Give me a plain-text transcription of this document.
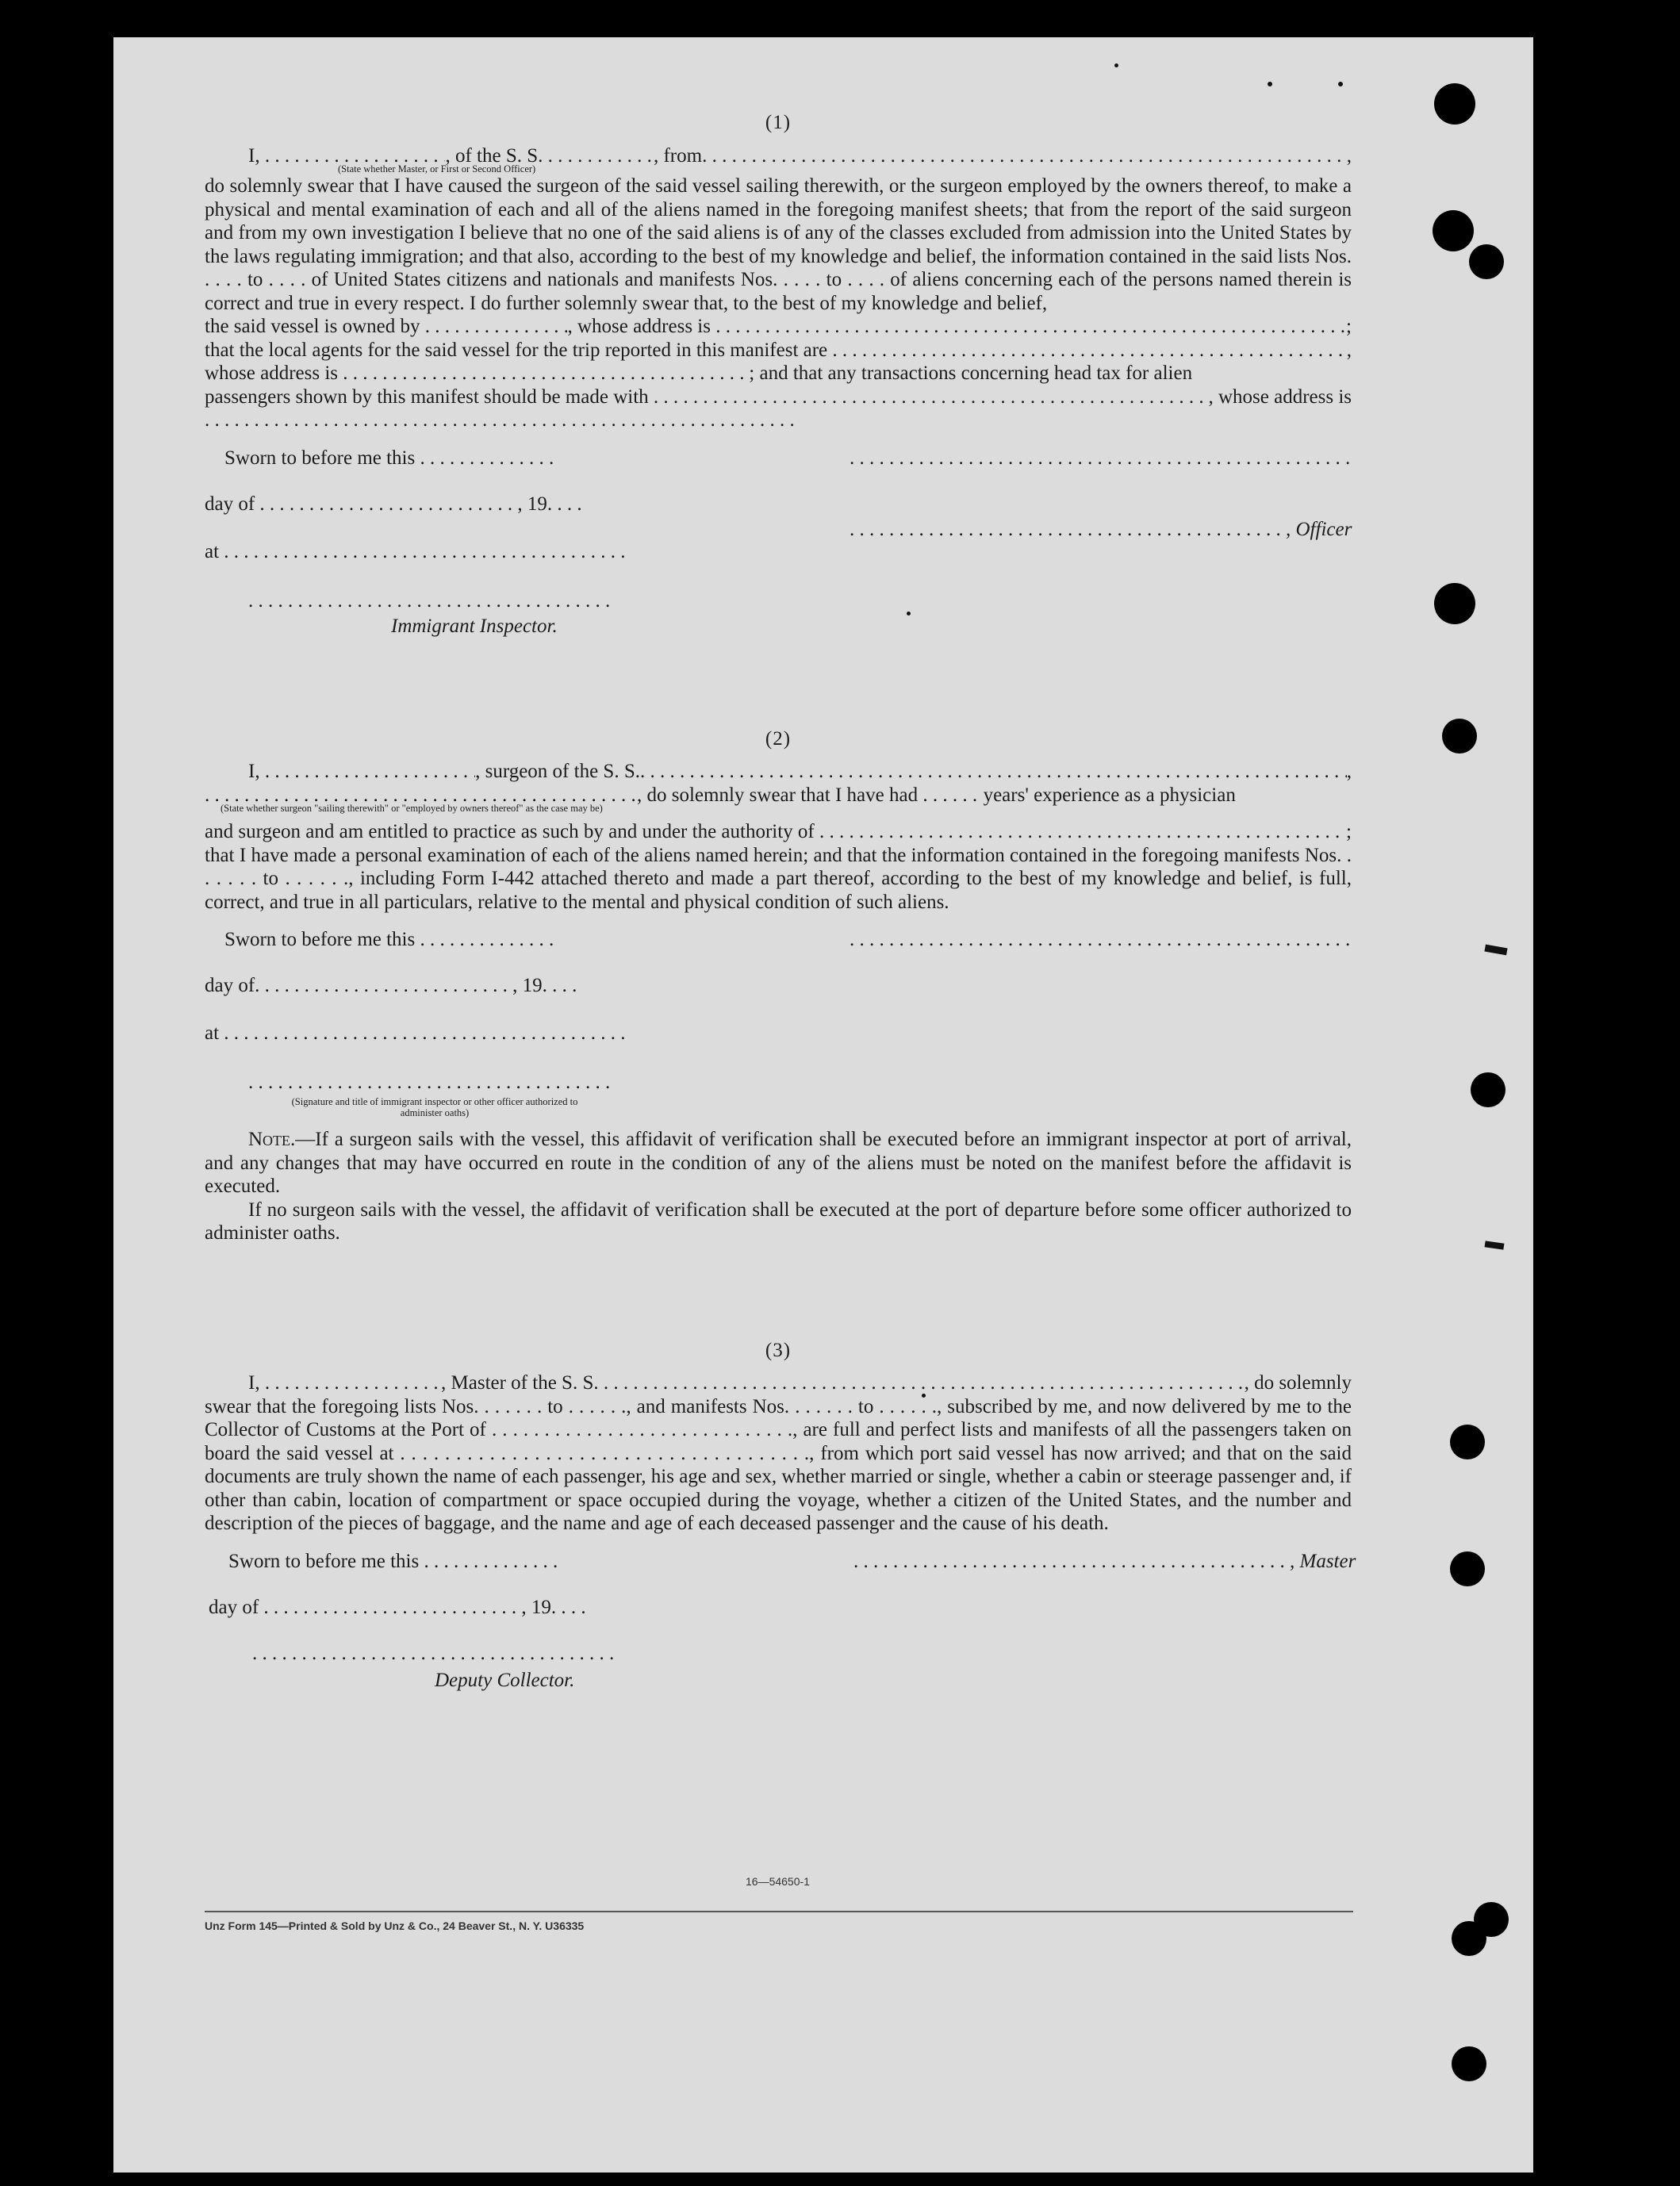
(1)
I,
. . .	, of the S. S.
. . .	, from . . .	,
(State whether Master, or First or Second Officer)

do solemnly swear that I have caused the surgeon of the said vessel sailing therewith, or the surgeon employed by the owners thereof, to make a physical and mental examination of each and all of the aliens named in the foregoing manifest sheets; that from the report of the said surgeon and from my own investigation I believe that no one of the said aliens is of any of the classes excluded from admission into the United States by the laws regulating immigration; and that also, according to the best of my knowledge and belief, the information contained in the said lists Nos. . . . . to . . . . of United States citizens and nationals and manifests Nos. . . . . to . . . . of aliens concerning each of the persons named therein is correct and true in every respect. I do further solemnly swear that, to the best of my knowledge and belief,

the said vessel is owned by
. . .	, whose address is
. . .	;
that the local agents for the said vessel for the trip reported in this manifest are
. . .	,
whose address is
. . .	; and that any transactions concerning head tax for alien
passengers shown by this manifest should be made with
. . .	, whose address is
. . .
Sworn to before me this

. . .
. . .
day of
. . .	, 19
. . .
. . .
, Officer
at

. . .
. . .
Immigrant Inspector.
(2)
I,
. . .	, surgeon of the S. S. . . .	,
. . .
, do solemnly swear that I have had
. . .
	years' experience as a physician
(State whether surgeon "sailing therewith" or "employed by owners thereof" as the case may be)
and surgeon and am entitled to practice as such by and under the authority of
. . .	;

that I have made a personal examination of each of the aliens named herein; and that the information contained in the foregoing manifests Nos. . . . . . . to . . . . . ., including Form I-442 attached thereto and made a part thereof, according to the best of my knowledge and belief, is full, correct, and true in all particulars, relative to the mental and physical condition of such aliens.

Sworn to before me this

. . .
. . .
day of . . .	, 19
. . .
at

. . .
. . .
(Signature and title of immigrant inspector or other officer authorized to administer oaths)

Note.—If a surgeon sails with the vessel, this affidavit of verification shall be executed before an immigrant inspector at port of arrival, and any changes that may have occurred en route in the condition of any of the aliens must be noted on the manifest before the affidavit is executed.

If no surgeon sails with the vessel, the affidavit of verification shall be executed at the port of departure before some officer authorized to administer oaths.

(3)
I,
. . .	, Master of the S. S.
. . .	, do solemnly

swear that the foregoing lists Nos. . . . . . . to . . . . . ., and manifests Nos. . . . . . . to . . . . . ., subscribed by me, and now delivered by me to the Collector of Customs at the Port of . . . . . . . . . . . . . . . . . . . . . . . . . . . . ., are full and perfect lists and manifests of all the passengers taken on board the said vessel at . . . . . . . . . . . . . . . . . . . . . . . . . . . . . . . . . . . . ., from which port said vessel has now arrived; and that on the said documents are truly shown the name of each passenger, his age and sex, whether married or single, whether a cabin or steerage passenger and, if other than cabin, location of compartment or space occupied during the voyage, whether a citizen of the United States, and the number and description of the pieces of baggage, and the name and age of each deceased passenger and the cause of his death.

Sworn to before me this
. . . . . .	, Master
day of
. . .	, 19
. . .
. . .
Deputy Collector.
16—54650-1
Unz Form 145—Printed & Sold by Unz & Co., 24 Beaver St., N. Y. U36335
